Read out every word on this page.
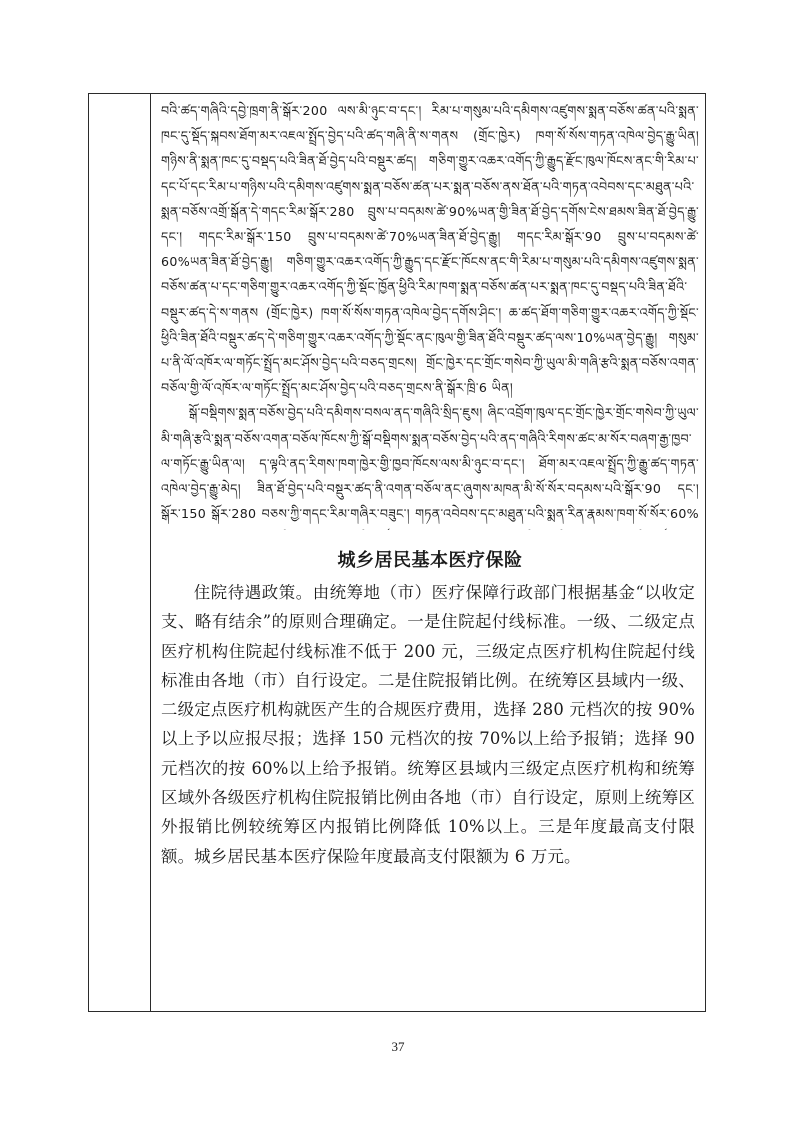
བའི་ཚད་གཞིའི་དབྱེ་ཁྲག་ནི་སྒོར་200 ལས་མི་ཉུང་བ་དང་། རིམ་པ་གསུམ་པའི་དམིགས་འཛུགས་སྨན་བཅོས་ཚན་པའི་སྨན་ཁང་དུ་སྡོད་སྐབས་ཐོག་མར་འཇལ་སྤྲོད་བྱེད་པའི་ཚད་གཞི་ནི་ས་གནས (གྲོང་ཁྱེར) ཁག་སོ་སོས་གཏན་འཁེལ་བྱེད་རྒྱུ་ཡིན། གཉིས་ནི་སྨན་ཁང་དུ་བསྡད་པའི་ཟིན་ཐོ་བྱེད་པའི་བསྡུར་ཚད། གཅིག་གྱུར་འཆར་འགོད་ཀྱི་རྒྱུད་རྫོང་ཁུལ་ཁོངས་ནང་གི་རིམ་པ་དང་པོ་དང་རིམ་པ་གཉིས་པའི་དམིགས་འཛུགས་སྨན་བཅོས་ཚན་པར་སྨན་བཅོས་ནས་ཐོན་པའི་གཏན་འབེབས་དང་མཐུན་པའི་སྨན་བཅོས་འགྲོ་སྒོན་དེ་གདང་རིམ་སྒོར་280 བྲུས་པ་བདམས་ཚེ་90%ཡན་གྱི་ཟིན་ཐོ་བྱེད་དགོས་ངེས་ཐམས་ཟིན་ཐོ་བྱེད་རྒྱུ་དང་། གདང་རིམ་སྒོར་150 བྲུས་པ་བདམས་ཚེ་70%ཡན་ཟིན་ཐོ་བྱེད་རྒྱུ། གདང་རིམ་སྒོར་90 བྲུས་པ་བདམས་ཚེ་60%ཡན་ཟིན་ཐོ་བྱེད་རྒྱུ། གཅིག་གྱུར་འཆར་འགོད་ཀྱི་རྒྱུད་དང་རྫོང་ཁོངས་ནང་གི་རིམ་པ་གསུམ་པའི་དམིགས་འཛུགས་སྨན་བཅོས་ཚན་པ་དང་གཅིག་གྱུར་འཆར་འགོད་ཀྱི་སྡོང་ཁྱོན་ཕྱིའི་རིམ་ཁག་སྨན་བཅོས་ཚན་པར་སྨན་ཁང་དུ་བསྡད་པའི་ཟིན་ཐོའི་བསྡུར་ཚད་དེ་ས་གནས (གྲོང་ཁྱེར) ཁག་སོ་སོས་གཏན་འཁེལ་བྱེད་དགོས་ཤིང་། ཆ་ཚད་ཐོག་གཅིག་གྱུར་འཆར་འགོད་ཀྱི་སྡོང་ཕྱིའི་ཟིན་ཐོའི་བསྡུར་ཚད་དེ་གཅིག་གྱུར་འཆར་འགོད་ཀྱི་སྡོང་ནང་ཁུལ་གྱི་ཟིན་ཐོའི་བསྡུར་ཚད་ལས་10%ཡན་བྱེད་རྒྱུ། གསུམ་པ་ནི་ལོ་འཁོར་ལ་གཏོང་སྤྲོད་མང་ཤོས་བྱེད་པའི་བཅད་གྲངས། གྲོང་ཁྱེར་དང་གྲོང་གསེབ་ཀྱི་ཡུལ་མི་གཞི་རྩའི་སྨན་བཅོས་འགན་བཅོལ་གྱི་ལོ་འཁོར་ལ་གཏོང་སྤྲོད་མང་ཤོས་བྱེད་པའི་བཅད་གྲངས་ནི་སྒོར་ཁྲི་6 ཡིན།

སྒོ་བསྡིགས་སྨན་བཅོས་བྱེད་པའི་དམིགས་བསལ་ནད་གཞིའི་སྲིད་ཇུས། ཞིང་འབྲོག་ཁུལ་དང་གྲོང་ཁྱེར་གྲོང་གསེབ་ཀྱི་ཡུལ་མི་གཞི་རྩའི་སྨན་བཅོས་འགན་བཅོལ་ཁོངས་ཀྱི་སྒོ་བསྡིགས་སྨན་བཅོས་བྱེད་པའི་ནད་གཞིའི་རིགས་ཚང་མ་སོར་བཞག་རྒྱ་ཁྱབ་ལ་གཏོང་རྒྱུ་ཡིན་ལ། ད་ལྟའི་ནད་རིགས་ཁག་ཁྱེར་གྱི་ཁྱབ་ཁོངས་ལས་མི་ཉུང་བ་དང་། ཐོག་མར་འཇལ་སྤྲོད་ཀྱི་རྒྱུ་ཚད་གཏན་འཁེལ་བྱེད་རྒྱུ་མེད། ཟིན་ཐོ་བྱེད་པའི་བསྡུར་ཚད་ནི་འགན་བཅོལ་ནང་ཞུགས་མཁན་མི་སོ་སོར་བདམས་པའི་སྒོར་90 དང་། སྒོར་150 སྒོར་280 བཅས་ཀྱི་གདང་རིམ་གཞིར་བཟུང་། གཏན་འབེབས་དང་མཐུན་པའི་སྨན་རིན་རྣམས་ཁག་སོ་སོར་60%

城乡居民基本医疗保险

住院待遇政策。由统筹地（市）医疗保障行政部门根据基金“以收定支、略有结余”的原则合理确定。一是住院起付线标准。一级、二级定点医疗机构住院起付线标准不低于 200 元，三级定点医疗机构住院起付线标准由各地（市）自行设定。二是住院报销比例。在统筹区县域内一级、二级定点医疗机构就医产生的合规医疗费用，选择 280 元档次的按 90%以上予以应报尽报；选择 150 元档次的按 70%以上给予报销；选择 90 元档次的按 60%以上给予报销。统筹区县域内三级定点医疗机构和统筹区域外各级医疗机构住院报销比例由各地（市）自行设定，原则上统筹区外报销比例较统筹区内报销比例降低 10%以上。三是年度最高支付限额。城乡居民基本医疗保险年度最高支付限额为 6 万元。

37
